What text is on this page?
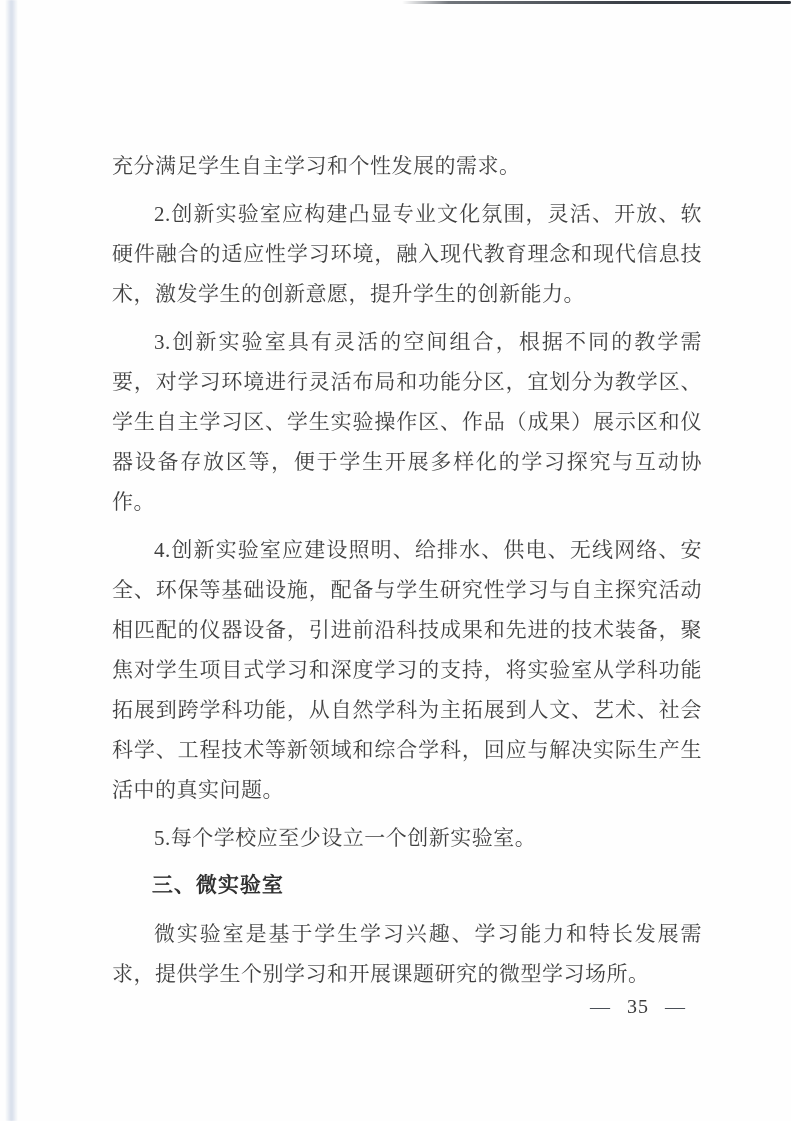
充分满足学生自主学习和个性发展的需求。

2.创新实验室应构建凸显专业文化氛围，灵活、开放、软硬件融合的适应性学习环境，融入现代教育理念和现代信息技术，激发学生的创新意愿，提升学生的创新能力。

3.创新实验室具有灵活的空间组合，根据不同的教学需要，对学习环境进行灵活布局和功能分区，宜划分为教学区、学生自主学习区、学生实验操作区、作品（成果）展示区和仪器设备存放区等，便于学生开展多样化的学习探究与互动协作。

4.创新实验室应建设照明、给排水、供电、无线网络、安全、环保等基础设施，配备与学生研究性学习与自主探究活动相匹配的仪器设备，引进前沿科技成果和先进的技术装备，聚焦对学生项目式学习和深度学习的支持，将实验室从学科功能拓展到跨学科功能，从自然学科为主拓展到人文、艺术、社会科学、工程技术等新领域和综合学科，回应与解决实际生产生活中的真实问题。

5.每个学校应至少设立一个创新实验室。

三、微实验室

微实验室是基于学生学习兴趣、学习能力和特长发展需求，提供学生个别学习和开展课题研究的微型学习场所。

— 35 —
